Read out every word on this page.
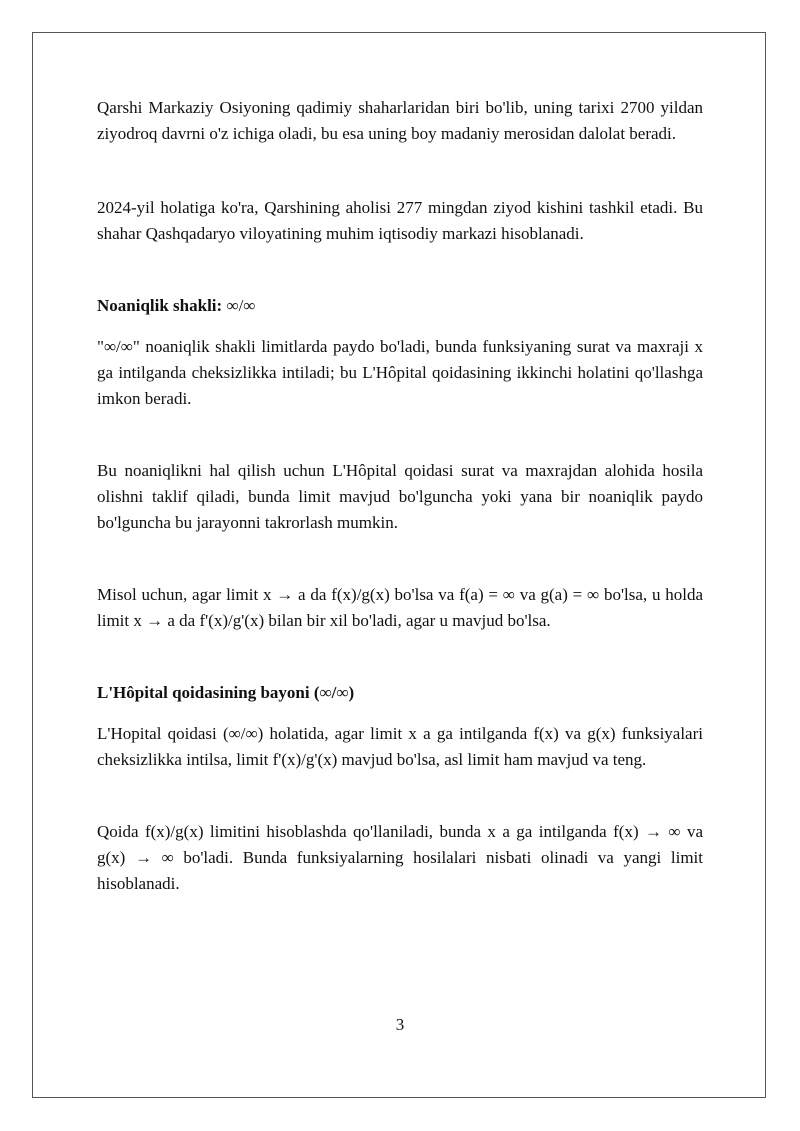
Qarshi Markaziy Osiyoning qadimiy shaharlaridan biri bo'lib, uning tarixi 2700 yildan ziyodroq davrni o'z ichiga oladi, bu esa uning boy madaniy merosidan dalolat beradi.

2024-yil holatiga ko'ra, Qarshining aholisi 277 mingdan ziyod kishini tashkil etadi. Bu shahar Qashqadaryo viloyatining muhim iqtisodiy markazi hisoblanadi.

Noaniqlik shakli: ∞/∞

"∞/∞" noaniqlik shakli limitlarda paydo bo'ladi, bunda funksiyaning surat va maxraji x ga intilganda cheksizlikka intiladi; bu L'Hôpital qoidasining ikkinchi holatini qo'llashga imkon beradi.

Bu noaniqlikni hal qilish uchun L'Hôpital qoidasi surat va maxrajdan alohida hosila olishni taklif qiladi, bunda limit mavjud bo'lguncha yoki yana bir noaniqlik paydo bo'lguncha bu jarayonni takrorlash mumkin.

Misol uchun, agar limit x → a da f(x)/g(x) bo'lsa va f(a) = ∞ va g(a) = ∞ bo'lsa, u holda limit x → a da f'(x)/g'(x) bilan bir xil bo'ladi, agar u mavjud bo'lsa.

L'Hôpital qoidasining bayoni (∞/∞)

L'Hopital qoidasi (∞/∞) holatida, agar limit x a ga intilganda f(x) va g(x) funksiyalari cheksizlikka intilsa, limit f'(x)/g'(x) mavjud bo'lsa, asl limit ham mavjud va teng.

Qoida f(x)/g(x) limitini hisoblashda qo'llaniladi, bunda x a ga intilganda f(x) → ∞ va g(x) → ∞ bo'ladi. Bunda funksiyalarning hosilalari nisbati olinadi va yangi limit hisoblanadi.

3
